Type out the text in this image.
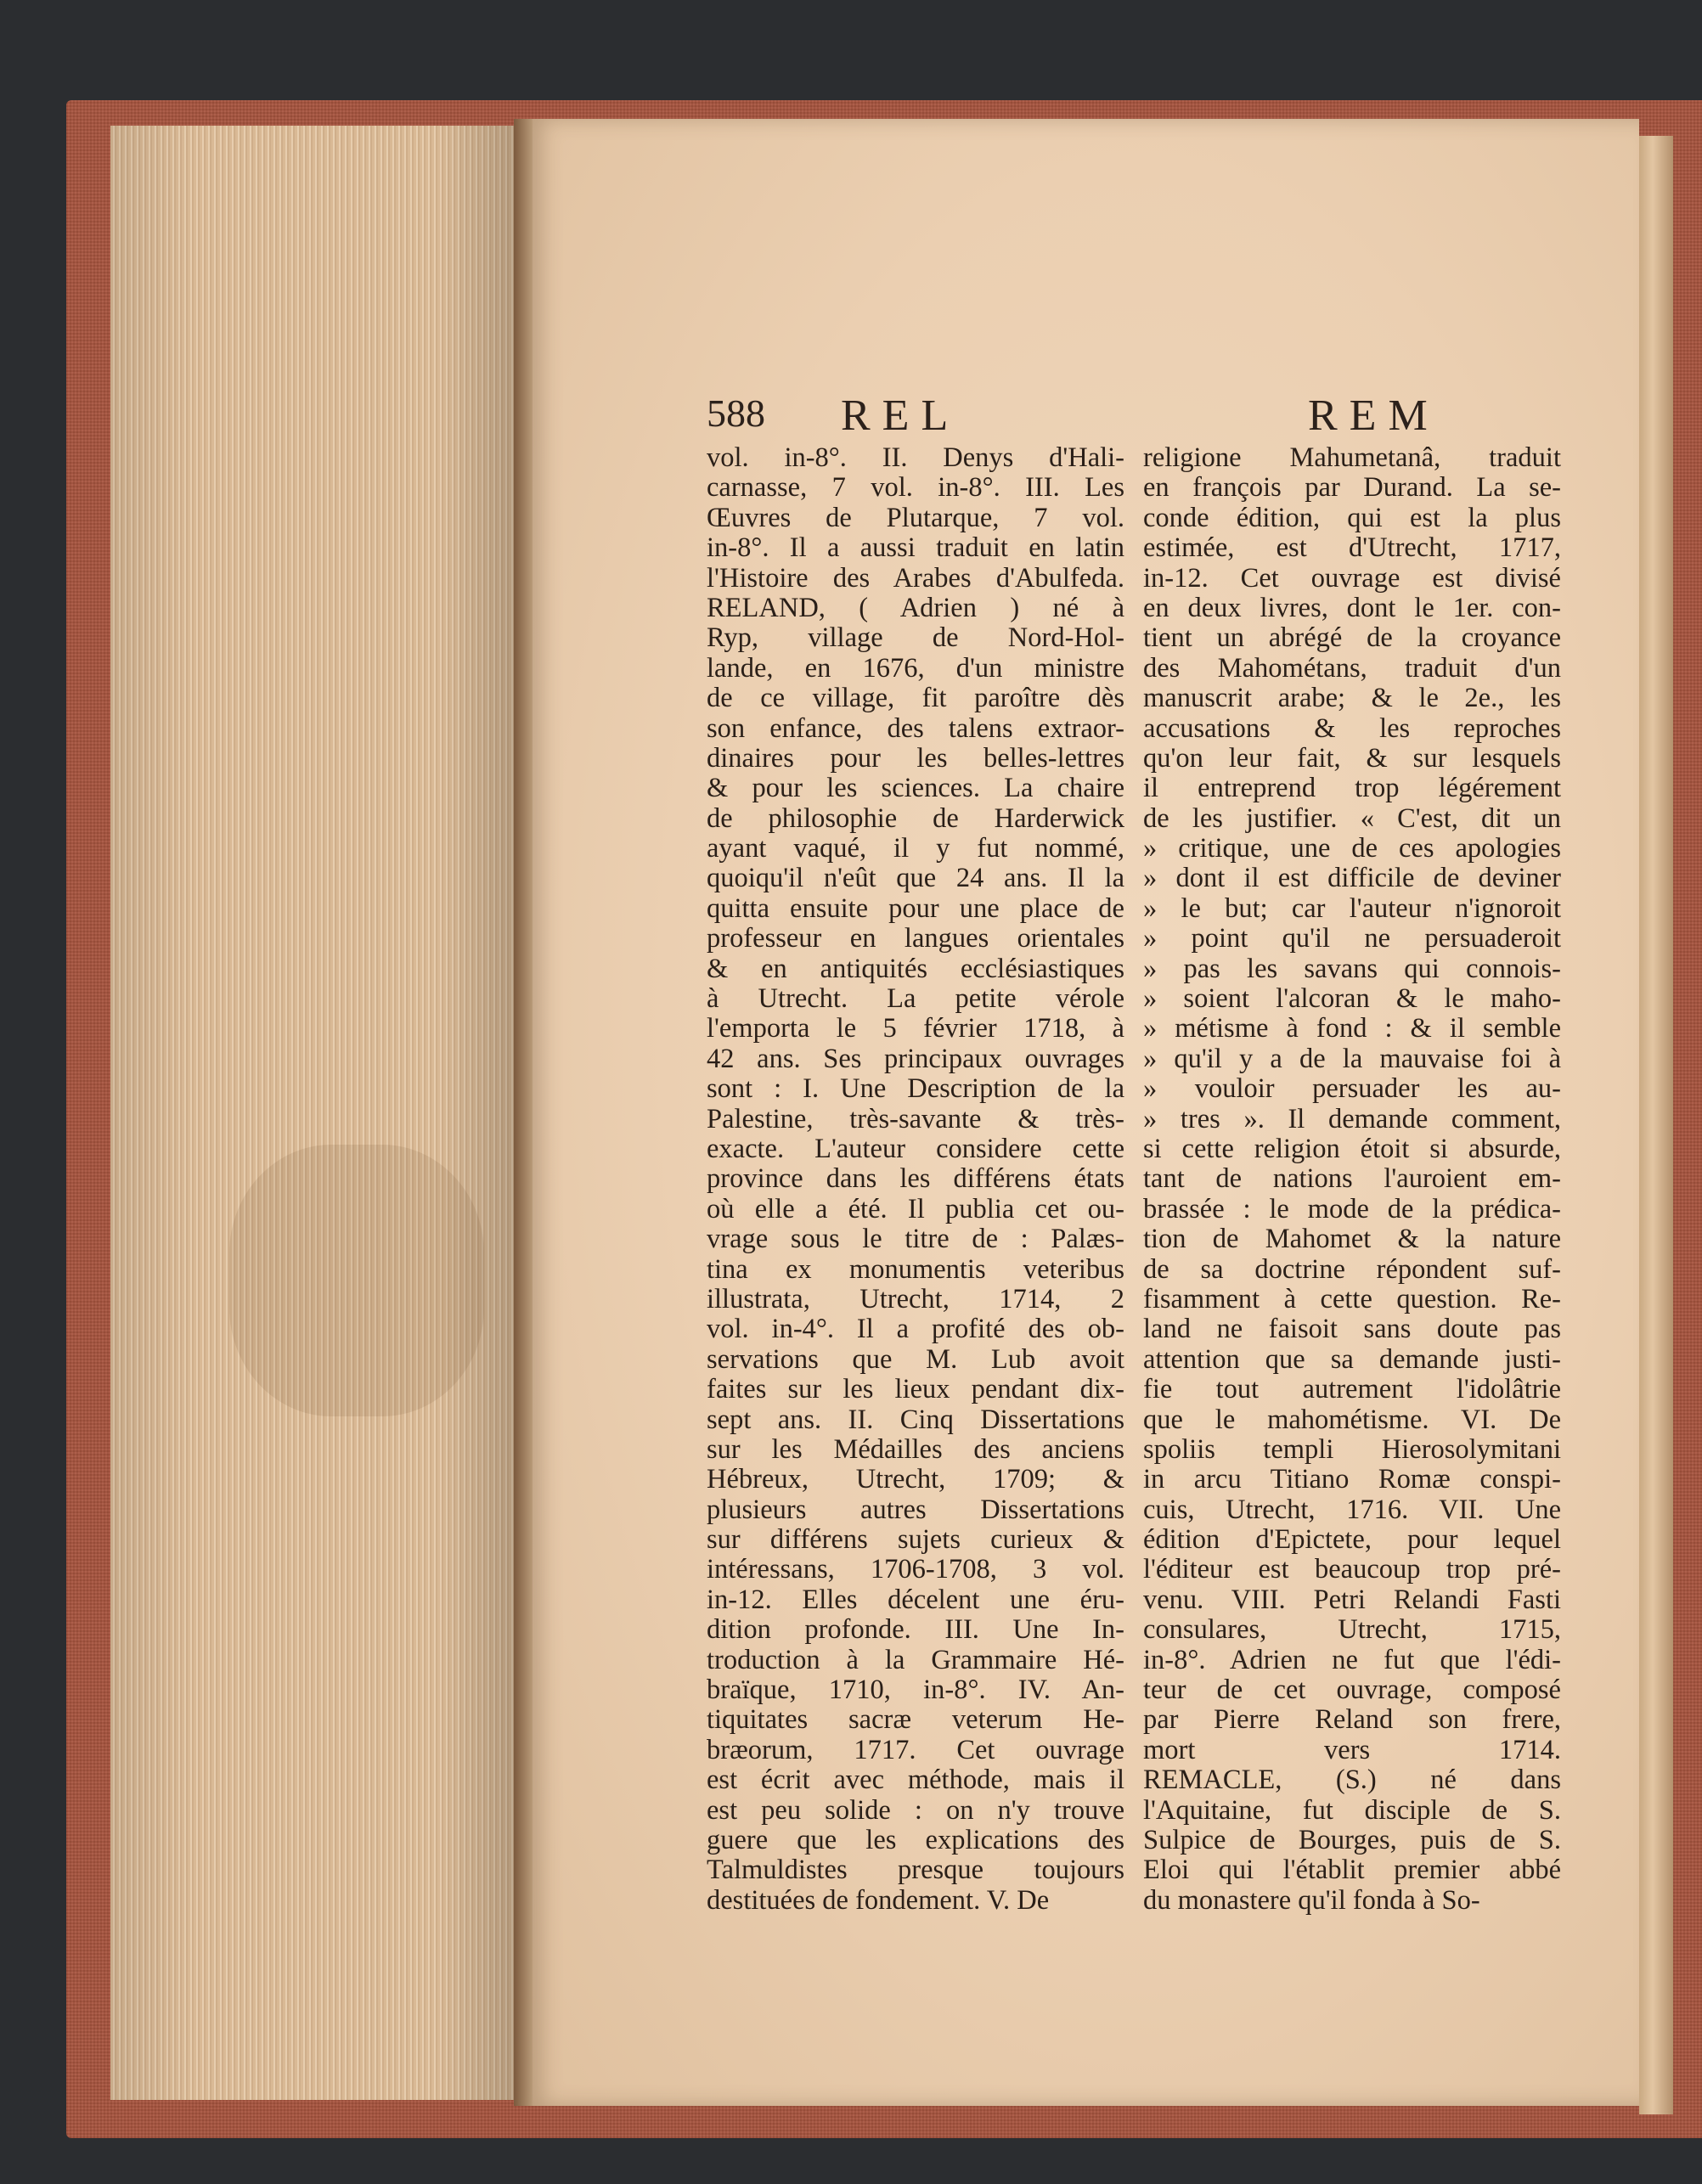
588 REL	REM
vol. in-8°. II. Denys d'Hali-
carnasse, 7 vol. in-8°. III. Les
Œuvres de Plutarque, 7 vol.
in-8°. Il a aussi traduit en latin
l'Histoire des Arabes d'Abulfeda.
RELAND, ( Adrien ) né à
Ryp, village de Nord-Hol-
lande, en 1676, d'un ministre
de ce village, fit paroître dès
son enfance, des talens extraor-
dinaires pour les belles-lettres
& pour les sciences. La chaire
de philosophie de Harderwick
ayant vaqué, il y fut nommé,
quoiqu'il n'eût que 24 ans. Il la
quitta ensuite pour une place de
professeur en langues orientales
& en antiquités ecclésiastiques
à Utrecht. La petite vérole
l'emporta le 5 février 1718, à
42 ans. Ses principaux ouvrages
sont : I. Une Description de la
Palestine, très-savante & très-
exacte. L'auteur considere cette
province dans les différens états
où elle a été. Il publia cet ou-
vrage sous le titre de : Palæs-
tina ex monumentis veteribus
illustrata, Utrecht, 1714, 2
vol. in-4°. Il a profité des ob-
servations que M. Lub avoit
faites sur les lieux pendant dix-
sept ans. II. Cinq Dissertations
sur les Médailles des anciens
Hébreux, Utrecht, 1709; &
plusieurs autres Dissertations
sur différens sujets curieux &
intéressans, 1706-1708, 3 vol.
in-12. Elles décelent une éru-
dition profonde. III. Une In-
troduction à la Grammaire Hé-
braïque, 1710, in-8°. IV. An-
tiquitates sacræ veterum He-
bræorum, 1717. Cet ouvrage
est écrit avec méthode, mais il
est peu solide : on n'y trouve
guere que les explications des
Talmuldistes presque toujours
destituées de fondement. V. De
religione Mahumetanâ, traduit
en françois par Durand. La se-
conde édition, qui est la plus
estimée, est d'Utrecht, 1717,
in-12. Cet ouvrage est divisé
en deux livres, dont le 1er. con-
tient un abrégé de la croyance
des Mahométans, traduit d'un
manuscrit arabe; & le 2e., les
accusations & les reproches
qu'on leur fait, & sur lesquels
il entreprend trop légérement
de les justifier. « C'est, dit un
» critique, une de ces apologies
» dont il est difficile de deviner
» le but; car l'auteur n'ignoroit
» point qu'il ne persuaderoit
» pas les savans qui connois-
» soient l'alcoran & le maho-
» métisme à fond : & il semble
» qu'il y a de la mauvaise foi à
» vouloir persuader les au-
» tres ». Il demande comment,
si cette religion étoit si absurde,
tant de nations l'auroient em-
brassée : le mode de la prédica-
tion de Mahomet & la nature
de sa doctrine répondent suf-
fisamment à cette question. Re-
land ne faisoit sans doute pas
attention que sa demande justi-
fie tout autrement l'idolâtrie
que le mahométisme. VI. De
spoliis templi Hierosolymitani
in arcu Titiano Romæ conspi-
cuis, Utrecht, 1716. VII. Une
édition d'Epictete, pour lequel
l'éditeur est beaucoup trop pré-
venu. VIII. Petri Relandi Fasti
consulares, Utrecht, 1715,
in-8°. Adrien ne fut que l'édi-
teur de cet ouvrage, composé
par Pierre Reland son frere,
mort vers 1714.
REMACLE, (S.) né dans
l'Aquitaine, fut disciple de S.
Sulpice de Bourges, puis de S.
Eloi qui l'établit premier abbé
du monastere qu'il fonda à So-
